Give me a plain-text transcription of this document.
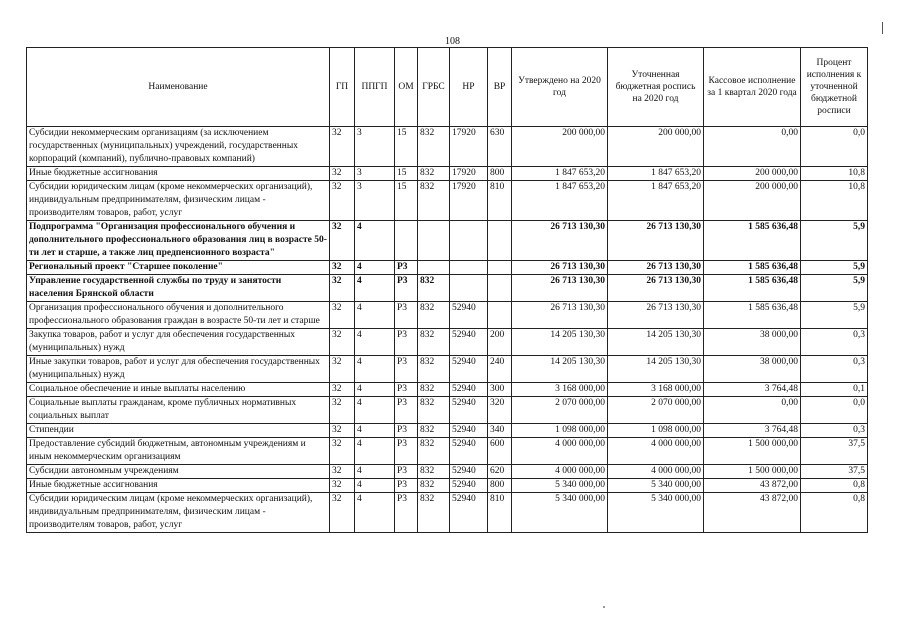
108
Наименование	ГП	ППГП	ОМ	ГРБС	НР	ВР	Утверждено на 2020 год	Уточненная бюджетная роспись на 2020 год	Кассовое исполнение за 1 квартал 2020 года	Процент исполнения к уточненной бюджетной росписи
Субсидии некоммерческим организациям (за исключением государственных (муниципальных) учреждений, государственных корпораций (компаний), публично-правовых компаний)	32	3	15	832	17920	630	200 000,00	200 000,00	0,00	0,0
Иные бюджетные ассигнования	32	3	15	832	17920	800	1 847 653,20	1 847 653,20	200 000,00	10,8
Субсидии юридическим лицам (кроме некоммерческих организаций), индивидуальным предпринимателям, физическим лицам - производителям товаров, работ, услуг	32	3	15	832	17920	810	1 847 653,20	1 847 653,20	200 000,00	10,8
Подпрограмма "Организация профессионального обучения и дополнительного профессионального образования лиц в возрасте 50-ти лет и старше, а также лиц предпенсионного возраста"	32	4					26 713 130,30	26 713 130,30	1 585 636,48	5,9
Региональный проект "Старшее поколение"	32	4	P3				26 713 130,30	26 713 130,30	1 585 636,48	5,9
Управление государственной службы по труду и занятости населения Брянской области	32	4	P3	832			26 713 130,30	26 713 130,30	1 585 636,48	5,9
Организация профессионального обучения и дополнительного профессионального образования граждан в возрасте 50-ти лет и старше	32	4	P3	832	52940		26 713 130,30	26 713 130,30	1 585 636,48	5,9
Закупка товаров, работ и услуг для обеспечения государственных (муниципальных) нужд	32	4	P3	832	52940	200	14 205 130,30	14 205 130,30	38 000,00	0,3
Иные закупки товаров, работ и услуг для обеспечения государственных (муниципальных) нужд	32	4	P3	832	52940	240	14 205 130,30	14 205 130,30	38 000,00	0,3
Социальное обеспечение и иные выплаты населению	32	4	P3	832	52940	300	3 168 000,00	3 168 000,00	3 764,48	0,1
Социальные выплаты гражданам, кроме публичных нормативных социальных выплат	32	4	P3	832	52940	320	2 070 000,00	2 070 000,00	0,00	0,0
Стипендии	32	4	P3	832	52940	340	1 098 000,00	1 098 000,00	3 764,48	0,3
Предоставление субсидий бюджетным, автономным учреждениям и иным некоммерческим организациям	32	4	P3	832	52940	600	4 000 000,00	4 000 000,00	1 500 000,00	37,5
Субсидии автономным учреждениям	32	4	P3	832	52940	620	4 000 000,00	4 000 000,00	1 500 000,00	37,5
Иные бюджетные ассигнования	32	4	P3	832	52940	800	5 340 000,00	5 340 000,00	43 872,00	0,8
Субсидии юридическим лицам (кроме некоммерческих организаций), индивидуальным предпринимателям, физическим лицам - производителям товаров, работ, услуг	32	4	P3	832	52940	810	5 340 000,00	5 340 000,00	43 872,00	0,8
